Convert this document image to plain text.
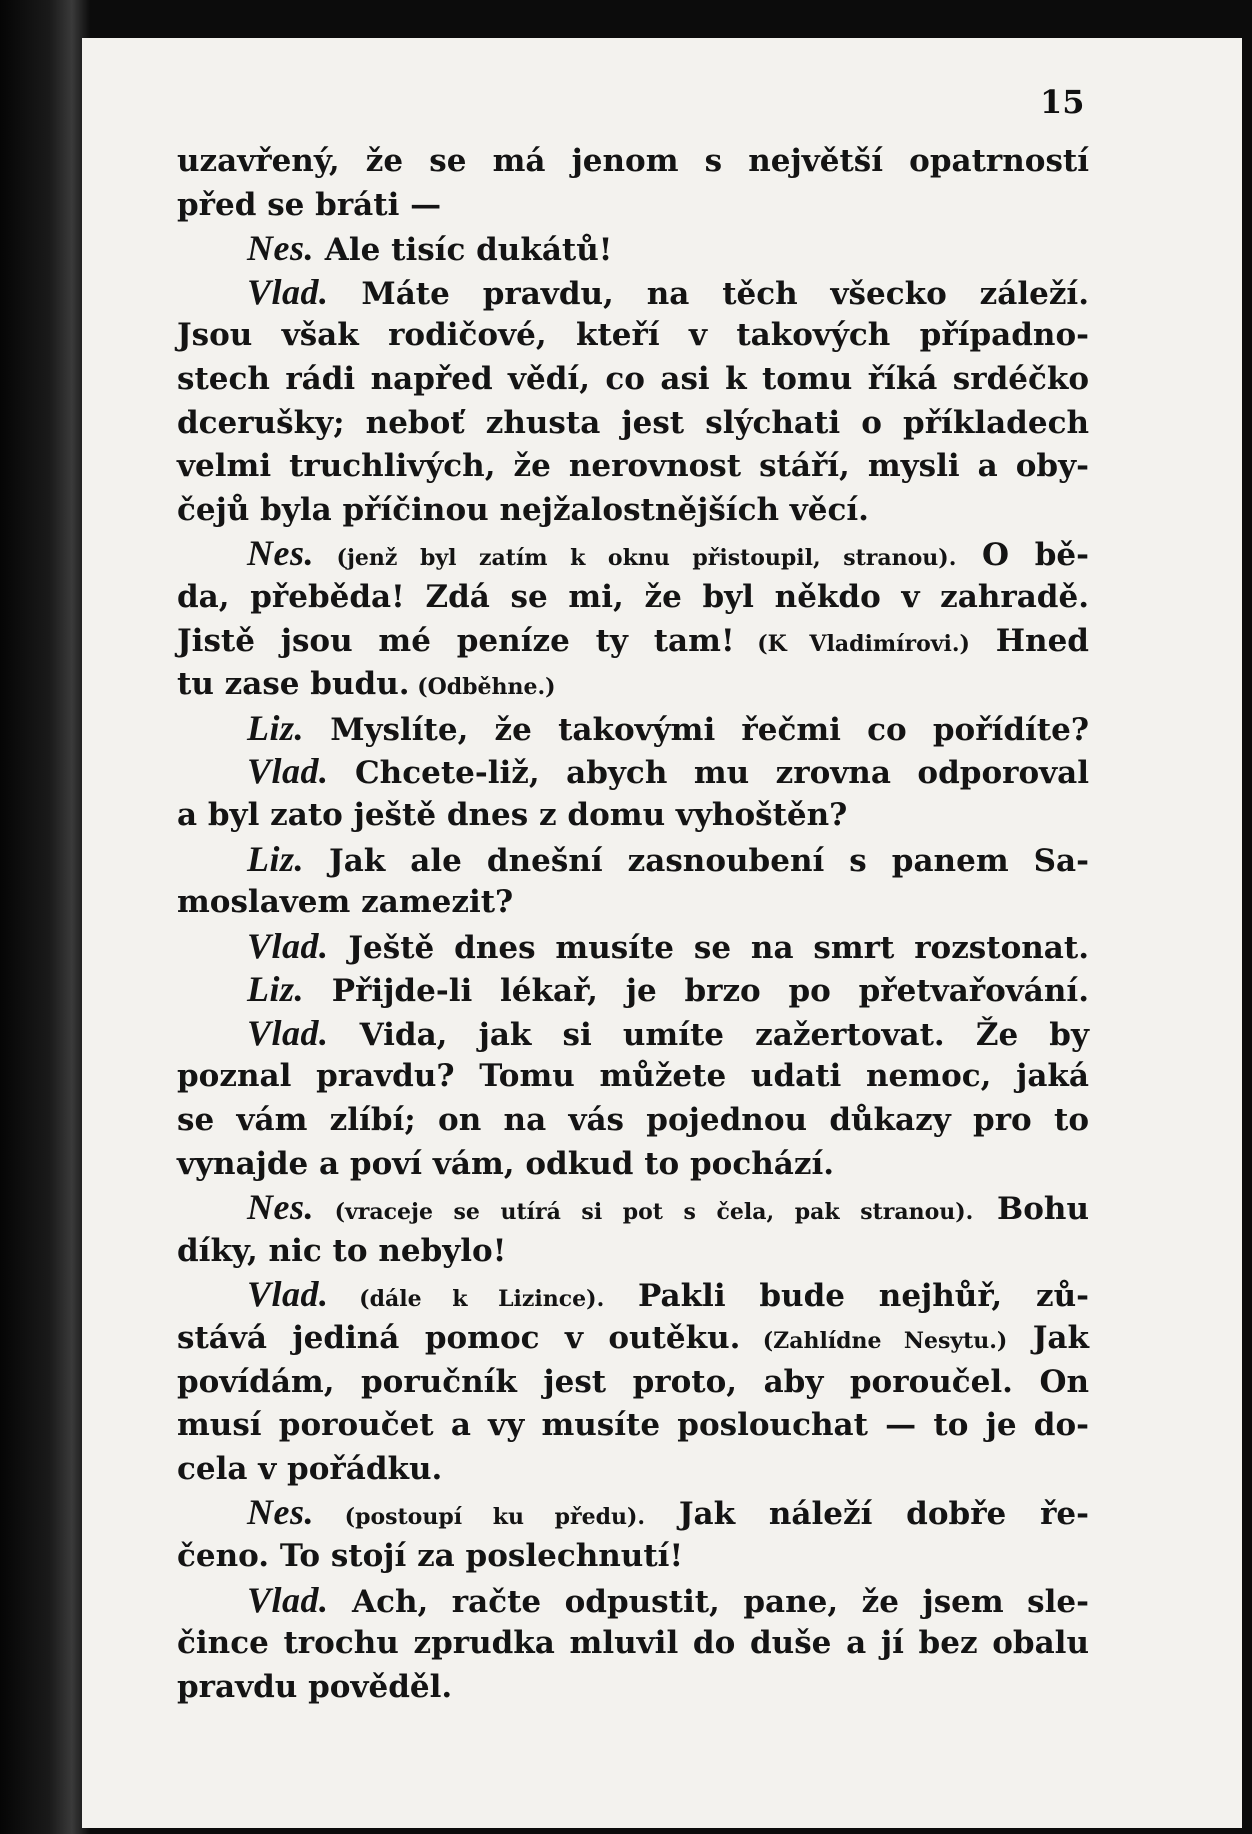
15
uzavřený, že se má jenom s největší opatrností
před se bráti —
Nes. Ale tisíc dukátů!
Vlad. Máte pravdu, na těch všecko záleží.
Jsou však rodičové, kteří v takových případno-
stech rádi napřed vědí, co asi k tomu říká srdéčko
dcerušky; neboť zhusta jest slýchati o příkladech
velmi truchlivých, že nerovnost stáří, mysli a oby-
čejů byla příčinou nejžalostnějších věcí.
Nes. (jenž byl zatím k oknu přistoupil, stranou). O bě-
da, přeběda! Zdá se mi, že byl někdo v zahradě.
Jistě jsou mé peníze ty tam! (K Vladimírovi.) Hned
tu zase budu. (Odběhne.)
Liz. Myslíte, že takovými řečmi co pořídíte?
Vlad. Chcete-liž, abych mu zrovna odporoval
a byl zato ještě dnes z domu vyhoštěn?
Liz. Jak ale dnešní zasnoubení s panem Sa-
moslavem zamezit?
Vlad. Ještě dnes musíte se na smrt rozstonat.
Liz. Přijde-li lékař, je brzo po přetvařování.
Vlad. Vida, jak si umíte zažertovat. Že by
poznal pravdu? Tomu můžete udati nemoc, jaká
se vám zlíbí; on na vás pojednou důkazy pro to
vynajde a poví vám, odkud to pochází.
Nes. (vraceje se utírá si pot s čela, pak stranou). Bohu
díky, nic to nebylo!
Vlad. (dále k Lizince). Pakli bude nejhůř, zů-
stává jediná pomoc v outěku. (Zahlídne Nesytu.) Jak
povídám, poručník jest proto, aby poroučel. On
musí poroučet a vy musíte poslouchat — to je do-
cela v pořádku.
Nes. (postoupí ku předu). Jak náleží dobře ře-
čeno. To stojí za poslechnutí!
Vlad. Ach, račte odpustit, pane, že jsem sle-
čince trochu zprudka mluvil do duše a jí bez obalu
pravdu pověděl.
